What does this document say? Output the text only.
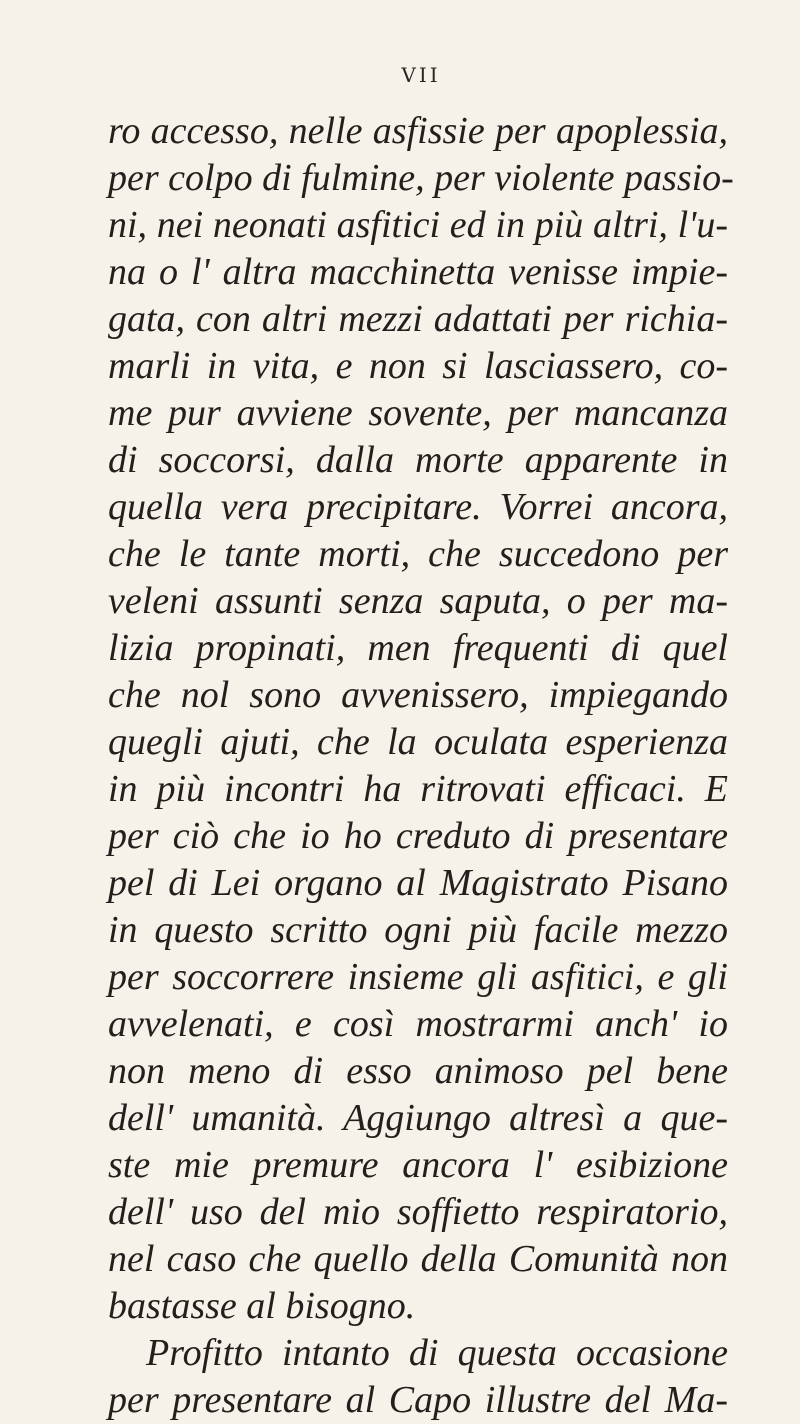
VII
ro accesso, nelle asfissie per apoplessia,
per colpo di fulmine, per violente passio-
ni, nei neonati asfitici ed in più altri, l'u-
na o l' altra macchinetta venisse impie-
gata, con altri mezzi adattati per richia-
marli in vita, e non si lasciassero, co-
me pur avviene sovente, per mancanza
di soccorsi, dalla morte apparente in
quella vera precipitare. Vorrei ancora,
che le tante morti, che succedono per
veleni assunti senza saputa, o per ma-
lizia propinati, men frequenti di quel
che nol sono avvenissero, impiegando
quegli ajuti, che la oculata esperienza
in più incontri ha ritrovati efficaci. E
per ciò che io ho creduto di presentare
pel di Lei organo al Magistrato Pisano
in questo scritto ogni più facile mezzo
per soccorrere insieme gli asfitici, e gli
avvelenati, e così mostrarmi anch' io
non meno di esso animoso pel bene
dell' umanità. Aggiungo altresì a que-
ste mie premure ancora l' esibizione
dell' uso del mio soffietto respiratorio,
nel caso che quello della Comunità non
bastasse al bisogno.
Profitto intanto di questa occasione
per presentare al Capo illustre del Ma-
